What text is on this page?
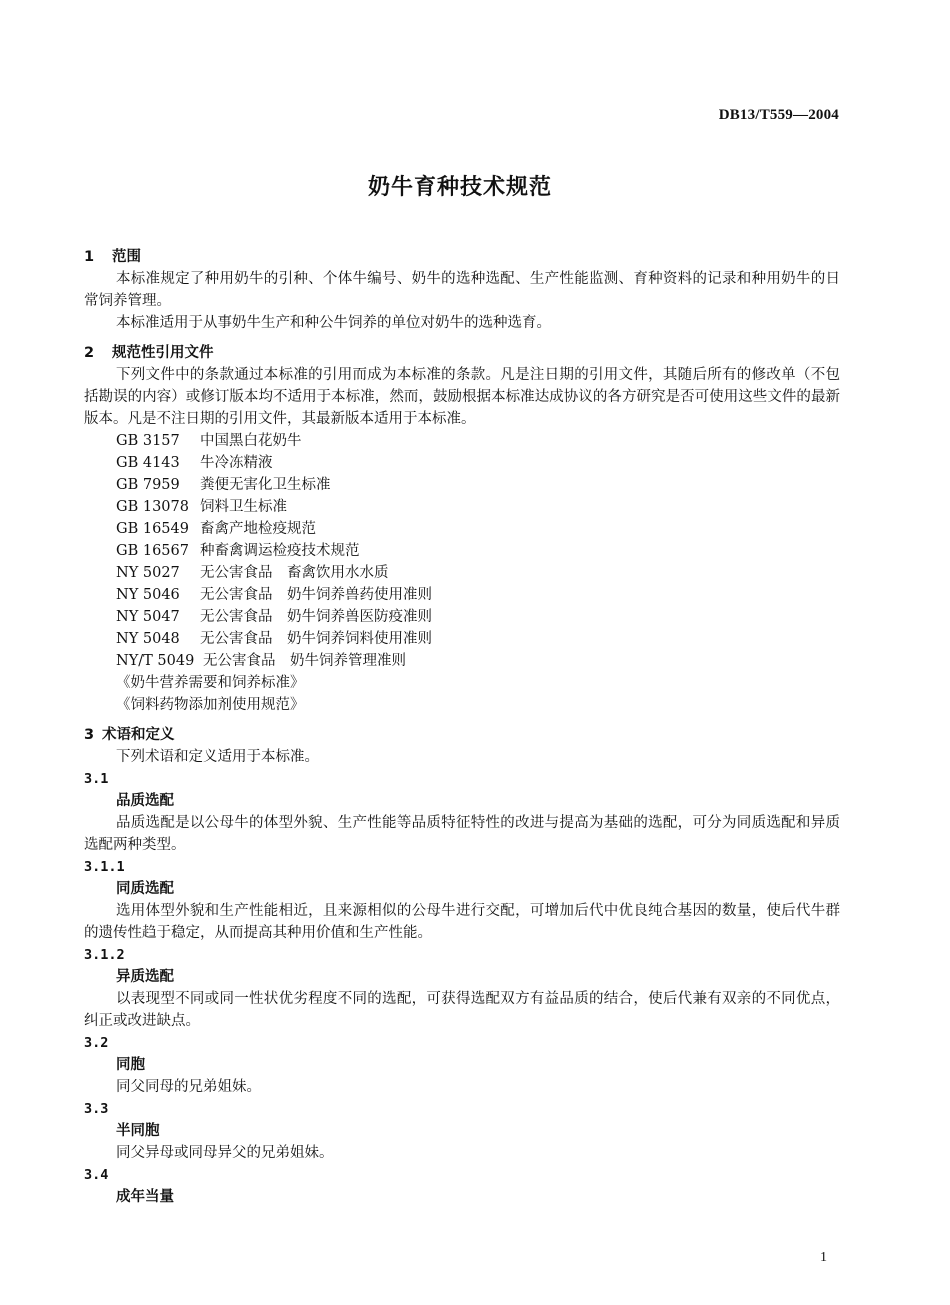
DB13/T559—2004
奶牛育种技术规范
1 范围
本标准规定了种用奶牛的引种、个体牛编号、奶牛的选种选配、生产性能监测、育种资料的记录和种用奶牛的日常饲养管理。
本标准适用于从事奶牛生产和种公牛饲养的单位对奶牛的选种选育。
2 规范性引用文件
下列文件中的条款通过本标准的引用而成为本标准的条款。凡是注日期的引用文件，其随后所有的修改单（不包括勘误的内容）或修订版本均不适用于本标准，然而，鼓励根据本标准达成协议的各方研究是否可使用这些文件的最新版本。凡是不注日期的引用文件，其最新版本适用于本标准。
GB 3157 中国黑白花奶牛
GB 4143 牛冷冻精液
GB 7959 粪便无害化卫生标准
GB 13078 饲料卫生标准
GB 16549 畜禽产地检疫规范
GB 16567 种畜禽调运检疫技术规范
NY 5027 无公害食品　畜禽饮用水水质
NY 5046 无公害食品　奶牛饲养兽药使用准则
NY 5047 无公害食品　奶牛饲养兽医防疫准则
NY 5048 无公害食品　奶牛饲养饲料使用准则
NY/T 5049 无公害食品　奶牛饲养管理准则
《奶牛营养需要和饲养标准》
《饲料药物添加剂使用规范》
3 术语和定义
下列术语和定义适用于本标准。
3.1
品质选配
品质选配是以公母牛的体型外貌、生产性能等品质特征特性的改进与提高为基础的选配，可分为同质选配和异质选配两种类型。
3.1.1
同质选配
选用体型外貌和生产性能相近，且来源相似的公母牛进行交配，可增加后代中优良纯合基因的数量，使后代牛群的遗传性趋于稳定，从而提高其种用价值和生产性能。
3.1.2
异质选配
以表现型不同或同一性状优劣程度不同的选配，可获得选配双方有益品质的结合，使后代兼有双亲的不同优点，纠正或改进缺点。
3.2
同胞
同父同母的兄弟姐妹。
3.3
半同胞
同父异母或同母异父的兄弟姐妹。
3.4
成年当量
1
